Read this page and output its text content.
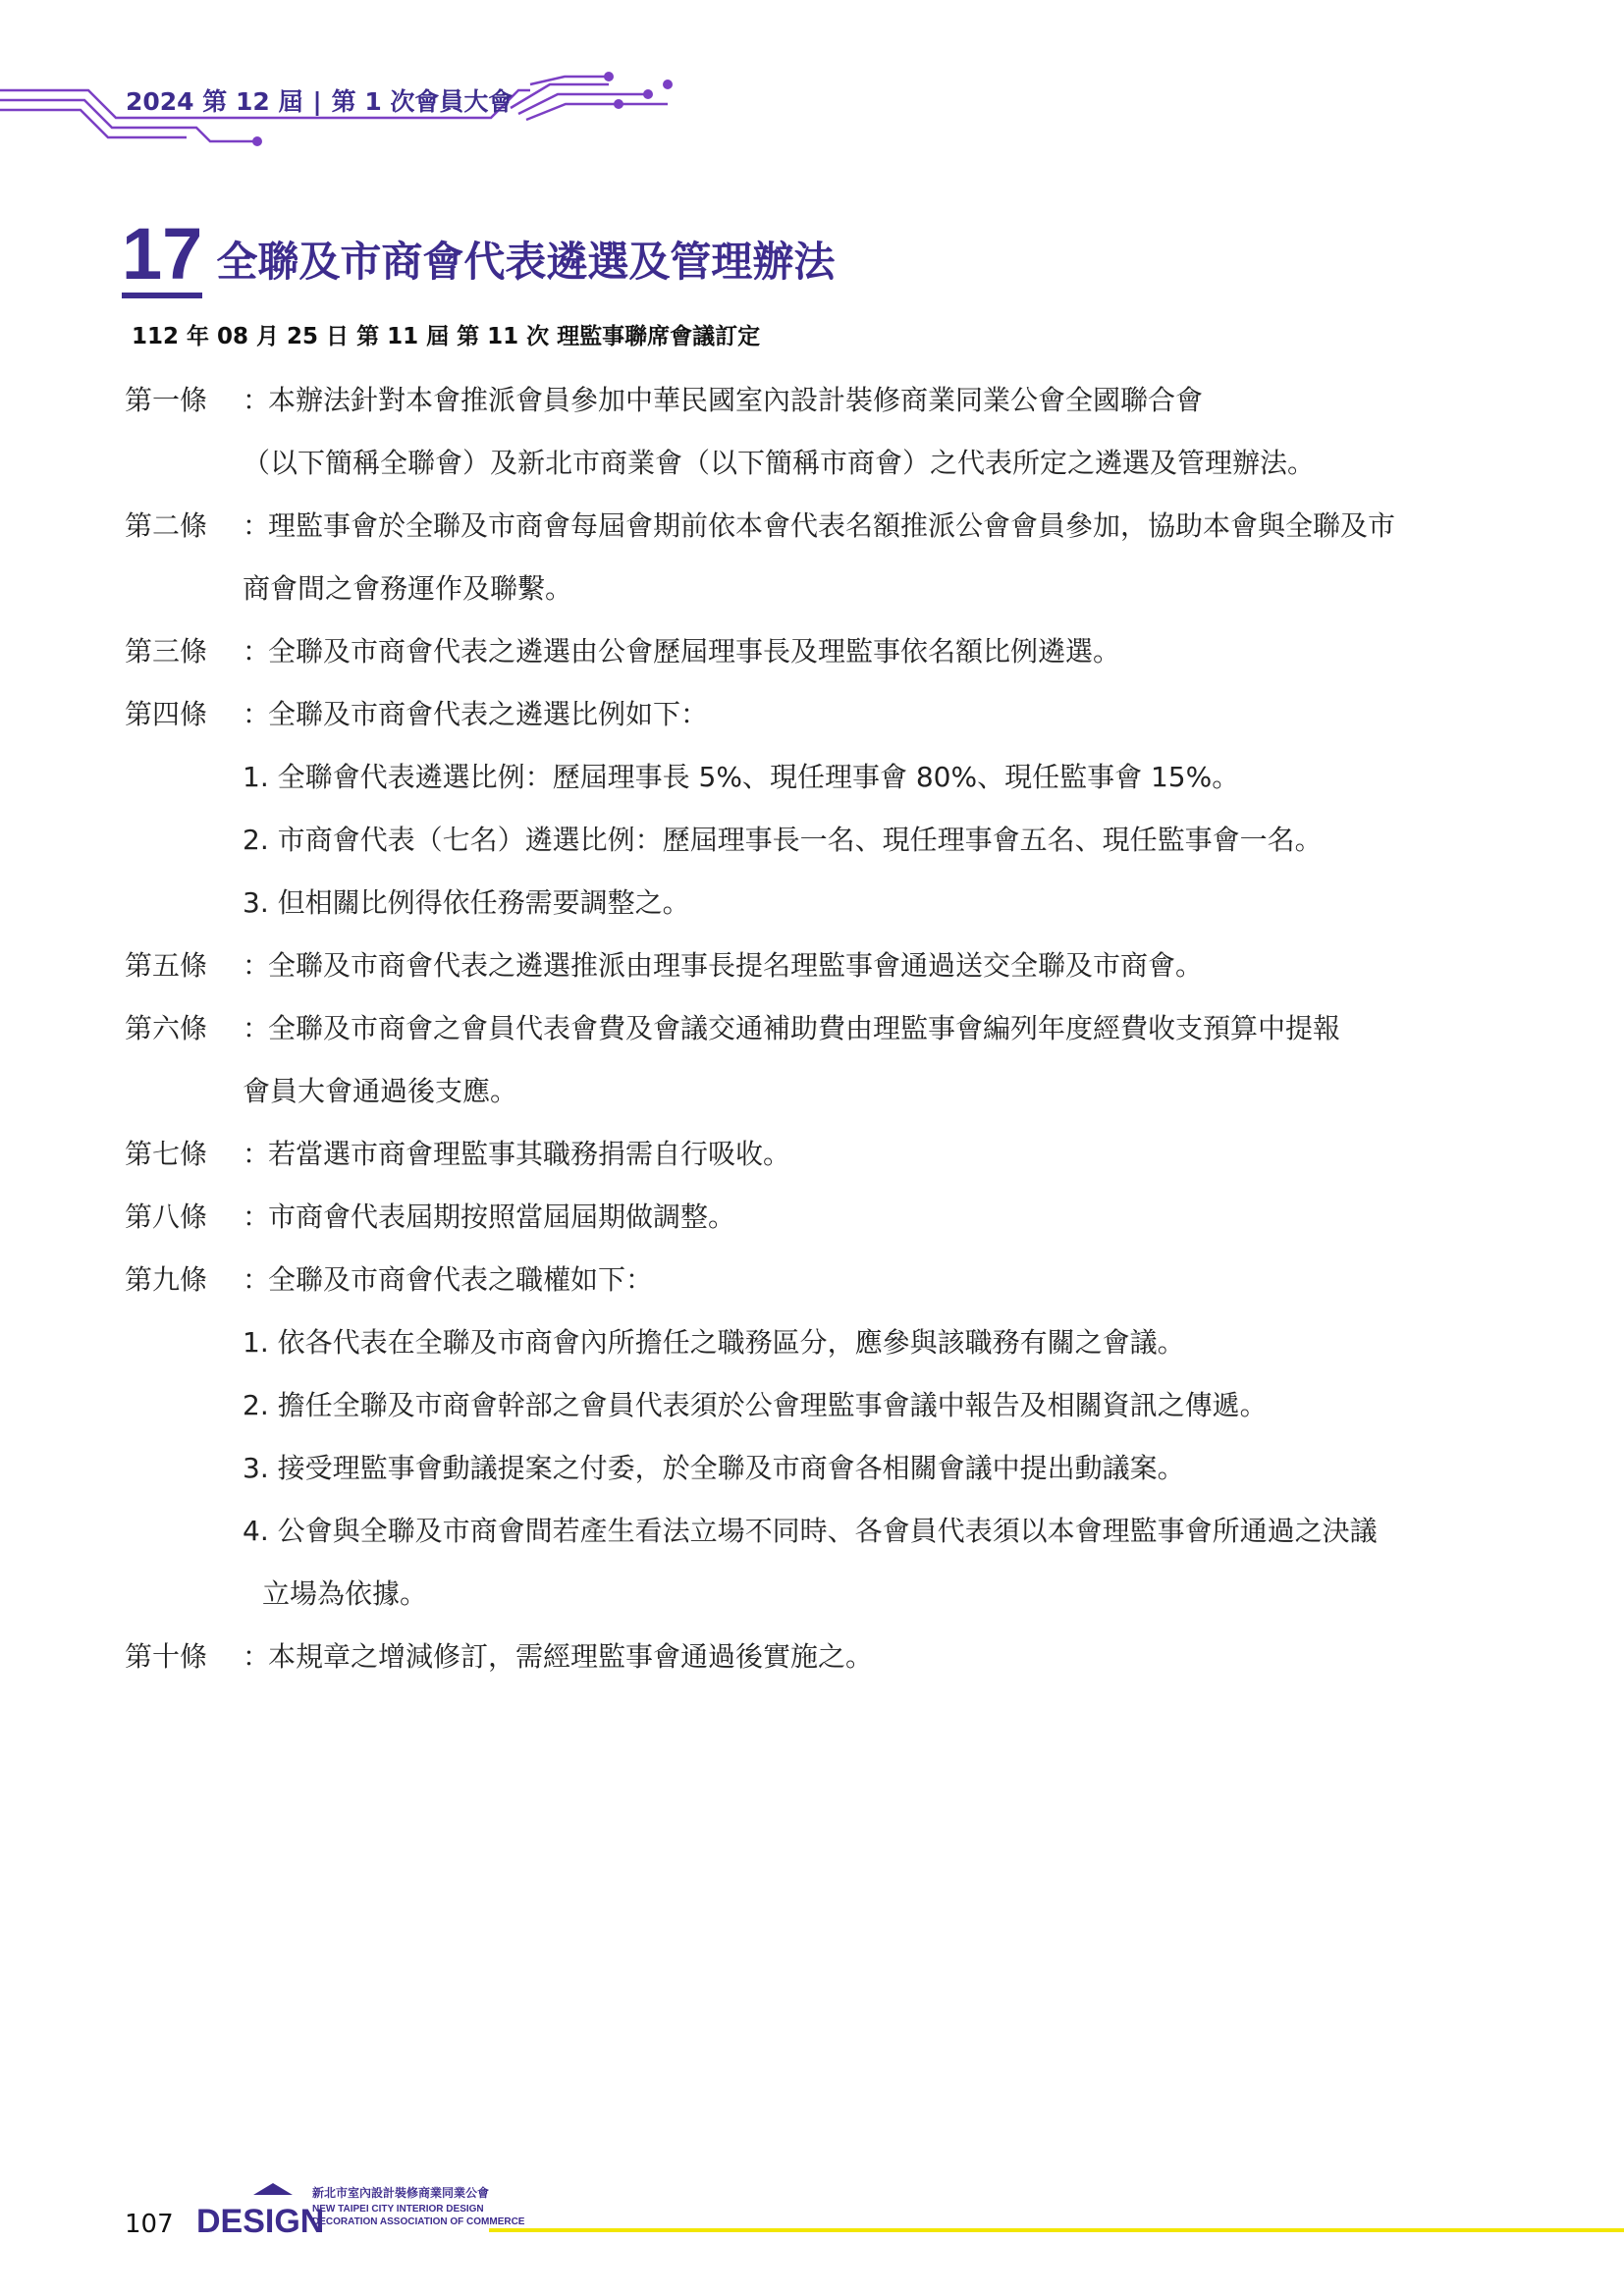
2024 第 12 屆 | 第 1 次會員大會
17 全聯及市商會代表遴選及管理辦法
112 年 08 月 25 日 第 11 屆 第 11 次 理監事聯席會議訂定
第一條 ：本辦法針對本會推派會員參加中華民國室內設計裝修商業同業公會全國聯合會
（以下簡稱全聯會）及新北市商業會（以下簡稱市商會）之代表所定之遴選及管理辦法。
第二條 ：理監事會於全聯及市商會每屆會期前依本會代表名額推派公會會員參加，協助本會與全聯及市
商會間之會務運作及聯繫。
第三條 ：全聯及市商會代表之遴選由公會歷屆理事長及理監事依名額比例遴選。
第四條 ：全聯及市商會代表之遴選比例如下：
1. 全聯會代表遴選比例：歷屆理事長 5%、現任理事會 80%、現任監事會 15%。
2. 市商會代表（七名）遴選比例：歷屆理事長一名、現任理事會五名、現任監事會一名。
3. 但相關比例得依任務需要調整之。
第五條 ：全聯及市商會代表之遴選推派由理事長提名理監事會通過送交全聯及市商會。
第六條 ：全聯及市商會之會員代表會費及會議交通補助費由理監事會編列年度經費收支預算中提報
會員大會通過後支應。
第七條 ：若當選市商會理監事其職務捐需自行吸收。
第八條 ：市商會代表屆期按照當屆屆期做調整。
第九條 ：全聯及市商會代表之職權如下：
1. 依各代表在全聯及市商會內所擔任之職務區分，應參與該職務有關之會議。
2. 擔任全聯及市商會幹部之會員代表須於公會理監事會議中報告及相關資訊之傳遞。
3. 接受理監事會動議提案之付委，於全聯及市商會各相關會議中提出動議案。
4. 公會與全聯及市商會間若產生看法立場不同時、各會員代表須以本會理監事會所通過之決議
立場為依據。
第十條 ：本規章之增減修訂，需經理監事會通過後實施之。
107 DESIGN
新北市室內設計裝修商業同業公會
NEW TAIPEI CITY INTERIOR DESIGN
DECORATION ASSOCIATION OF COMMERCE
